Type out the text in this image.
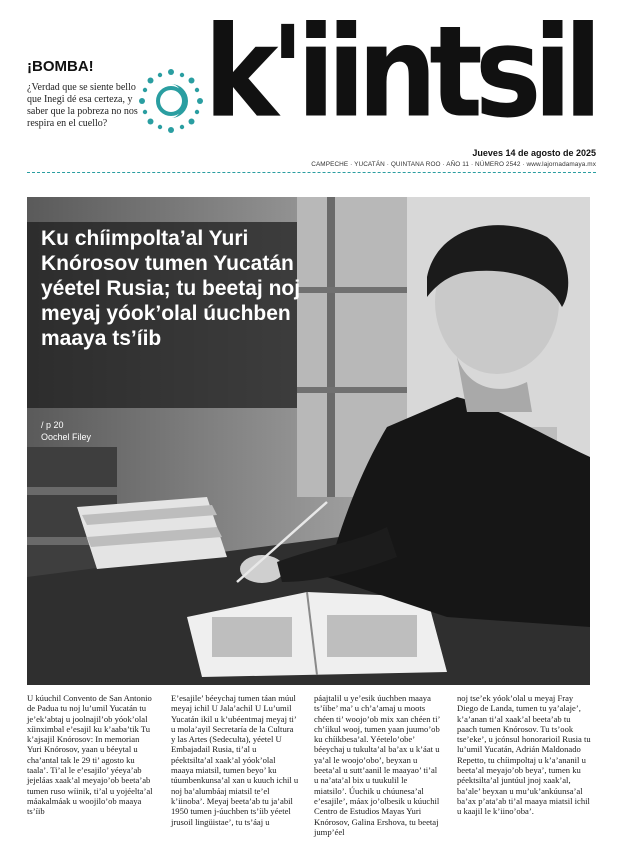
¡BOMBA!
¿Verdad que se siente bello que Inegi dé esa certeza, y saber que la pobreza no nos respira en el cuello? k'iintsil
Jueves 14 de agosto de 2025
CAMPECHE · YUCATÁN · QUINTANA ROO · AÑO 11 · NÚMERO 2542 · www.lajornadamaya.mx
Ku chíimpolta’al Yuri Knórosov tumen Yucatán yéetel Rusia; tu beetaj noj meyaj yóok’olal úuchben maaya ts’íib
/ p 20
Oochel Filey
U kúuchil Convento de San Antonio de Padua tu noj lu’umil Yucatán tu je’ek’abtaj u joolnajil’ob yóok’olal xíinximbal e’esajil ku k’aaba’tik Tu k’ajsajil Knórosov: In memorian Yuri Knórosov, yaan u béeytal u cha’antal tak le 29 ti’ agosto ku taala’. Ti’al le e’esajilo’ yéeya’ab jejeláas xaak’al meyajo’ob beeta’ab tumen ruso wíinik, ti’al u yojéelta’al máakalmáak u woojilo’ob maaya ts’íib
E’esajile’ béeychaj tumen táan múul meyaj ichil U Jala’achil U Lu’umil Yucatán ikil u k’ubéentmaj meyaj ti’ u mola’ayil Secretaría de la Cultura y las Artes (Sedeculta), yéetel U Embajadail Rusia, ti’al u péektsilta’al xaak’al yóok’olal maaya miatsil, tumen beyo’ ku túumbenkunsa’al xan u kuuch ichil u noj ba’alumbáaj miatsil te’el k’iinoba’. Meyaj beeta’ab tu ja’abil 1950 tumen j-úuchben ts’íib yéetel jrusoil lingüistae’, tu ts’áaj u
páajtalil u ye’esik úuchben maaya ts’íibe’ ma’ u ch’a’amaj u moots chéen ti’ woojo’ob mix xan chéen ti’ ch’íikul wooj, tumen yaan juumo’ob ku chíikbesa’al. Yéetelo’obe’ béeychaj u tukulta’al ba’ax u k’áat u ya’al le woojo’obo’, beyxan u beeta’al u sutt’aanil le maayao’ ti’al u na’ata’al bix u tuukulil le miatsilo’. Úuchik u chúunesa’al e’esajile’, máax jo’olbesik u kúuchil Centro de Estudios Mayas Yuri Knórosov, Galina Ershova, tu beetaj jump’éel
noj tse’ek yóok’olal u meyaj Fray Diego de Landa, tumen tu ya’alaje’, k’a’anan ti’al xaak’al beeta’ab tu paach tumen Knórosov. Tu ts’ook tse’eke’, u jcónsul honorarioil Rusia tu lu’umil Yucatán, Adrián Maldonado Repetto, tu chíimpoltaj u k’a’ananil u beeta’al meyajo’ob beya’, tumen ku péektsilta’al juntúul jnoj xaak’al, ba’ale’ beyxan u mu’uk’ankúunsa’al ba’ax p’ata’ab ti’al maaya miatsil ichil u kaajil le k’iino’oba’.
